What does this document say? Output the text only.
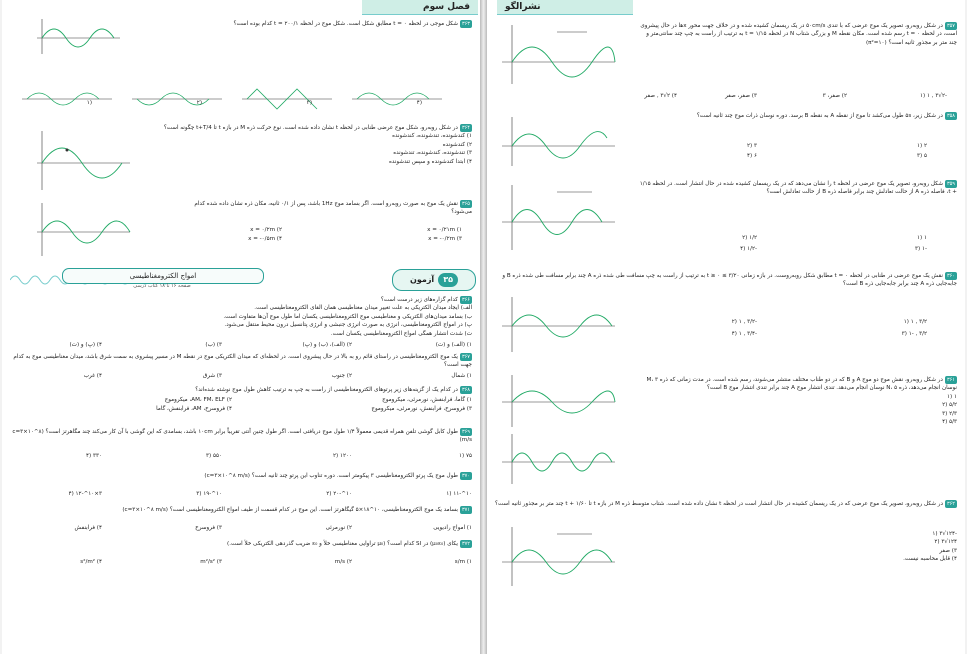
فصل سوم
۳۶۳شکل موجی در لحظه ۰ = t مطابق شکل است. شکل موج در لحظه ۲۰۰/۱ = t کدام بوده است؟
(۱	(۲	(۳	(۴
۳۶۴در شکل روبه‌رو، شکل موج عرضی طنابی در لحظه t نشان داده شده است. نوع حرکت ذره M در بازه t تا t+T/4 چگونه است؟
۱) کندشونده، تندشونده، کندشونده
۲) کندشونده
۳) تندشونده، کندشونده، تندشونده
۴) ابتدا کندشونده و سپس تندشونده
۳۶۵نقش یک موج به صورت روبه‌رو است. اگر بسامد موج 1Hz باشد، پس از ۰/۱ ثانیه، مکان ذره نشان داده شده کدام می‌شود؟
x = ۰/۲۱m (۱
x = ۰/۲m (۲
x = -۰/۲m (۳
x = -۰/۵m (۴
امواج الکترومغناطیسی
صفحه ۱۶ تا ۱۸ کتاب درسی
۳۵آزمون
۳۶۶کدام گزاره‌های زیر درست است؟
الف) ایجاد میدان الکتریکی به علت تغییر میدان مغناطیسی همان القای الکترومغناطیسی است.
ب) بسامد میدان‌های الکتریکی و مغناطیسی موج الکترومغناطیسی یکسان اما طول موج آن‌ها متفاوت است.
پ) در امواج الکترومغناطیسی، انرژی به صورت انرژی جنبشی و انرژی پتانسیل درون محیط منتقل می‌شود.
ت) شدت انتشار همگی امواج الکترومغناطیسی یکسان است.
۱) (الف) و (ت)
۲) (الف)، (ب) و (پ)
۳) (ب)
۴) (پ) و (ت)
۳۶۷یک موج الکترومغناطیسی در راستای قائم رو به بالا در حال پیشروی است. در لحظه‌ای که میدان الکتریکی موج در نقطه M در مسیر پیشروی به سمت شرق باشد، میدان مغناطیسی موج به کدام جهت است؟
۱) شمال
۲) جنوب
۳) شرق
۴) غرب
۳۶۸در کدام یک از گزینه‌های زیر پرتوهای الکترومغناطیسی از راست به چپ به ترتیب کاهش طول موج نوشته شده‌اند؟
۱) گاما، فرابنفش، نورمرئی، میکروموج
۲) AM، FM، ELF، میکروموج
۳) فروسرخ، فرابنفش، نورمرئی، میکروموج
۴) فروسرخ، AM، فرابنفش، گاما
۳۶۹طول کابل گوشی تلفن همراه قدیمی معمولاً ۱/۴ طول موج دریافتی است. اگر طول چنین آنتی تقریباً برابر ۱۰cm باشد، بسامدی که این گوشی با آن کار می‌کند چند مگاهرتز است؟ (c=۳×۱۰^۸ m/s)
۷۵ (۱
۱۲۰۰ (۲
۵۵۰ (۳
۳۳۰ (۴
۳۷۰طول موج یک پرتو الکترومغناطیسی ۳ پیکومتر است. دوره تناوب این پرتو چند ثانیه است؟ (c=۳×۱۰^۸ m/s)
۱۰^-۱۱ (۱
۱۰^-۲۰ (۲
۱۰^-۱۹ (۳
۳×۱۰^-۱۲ (۴
۳۷۱بسامد یک موج الکترومغناطیسی، ۱۰^۱۸×۵ گیگاهرتز است. این موج در کدام قسمت از طیف امواج الکترومغناطیسی است؟ (c=۳×۱۰^۸ m/s)
۱) امواج رادیویی
۲) نورمرئی
۳) فروسرخ
۴) فرابنفش
۳۷۲یکای (μ₀ε₀) در SI کدام است؟ (μ₀ تراوایی مغناطیسی خلأ و ε₀ ضریب گذردهی الکتریکی خلأ است.)
s/m (۱
m/s (۲
m²/s² (۳
s²/m² (۴
نشرالگو
۳۵۷در شکل روبه‌رو، تصویر یک موج عرضی که با تندی ۵۰cm/s در یک ریسمان کشیده شده و در خلاف جهت محور x‌ها در حال پیشروی است، در لحظه ۰ = t رسم شده است. مکان نقطه M و بزرگی شتاب N در لحظه ۱/۱۵ = t به ترتیب از راست به چپ چند سانتی‌متر و چند متر بر مجذور ثانیه است؟ (π²=۱۰)
-۲√۳ , ۱ (۱
۲) صفر، ۳
۳) صفر، صفر
۴) ۲√۳ , صفر
۳۵۸در شکل زیر، ۵s طول می‌کشد تا موج از نقطه A به نقطه B برسد. دوره نوسان ذرات موج چند ثانیه است؟
۲ (۱
۳ (۲
۵ (۳
۶ (۴
۳۵۹شکل روبه‌رو، تصویر یک موج عرضی در لحظه t را نشان می‌دهد که در یک ریسمان کشیده شده در حال انتشار است. در لحظه ۱/۱۵ + t، فاصله ذره A از حالت تعادلش چند برابر فاصله ذره B از حالت تعادلش است؟
۱ (۱
۱/۲ (۲
-۱ (۳
-۱/۲ (۴
۳۶۰نقش یک موج عرضی در طنابی در لحظه ۰ = t مطابق شکل روبه‌روست. در بازه زمانی ۳/۲۰ ≥ t ≥ ۰ به ترتیب از راست به چپ مسافت طی شده ذره A چند برابر مسافت طی شده ذره B و جابه‌جایی ذره A چند برابر جابه‌جایی ذره B است؟
۳/۲ , ۱ (۱
-۳/۲ , ۱ (۲
۳/۲ , -۱ (۳
-۳/۴ , ۱ (۴
۳۶۱در شکل روبه‌رو، نقش موج دو موج A و B که در دو طناب مختلف منتشر می‌شوند، رسم شده است. در مدت زمانی که ذره M، ۳ نوسان انجام می‌دهد، ذره N، ۵ نوسان انجام می‌دهد. تندی انتشار موج A چند برابر تندی انتشار موج B است؟
۱ (۱
۵/۲ (۲
۲/۳ (۳
۵/۳ (۴
۳۶۲در شکل روبه‌رو، تصویر یک موج عرضی که در یک ریسمان کشیده در حال انتشار است در لحظه t نشان داده شده است. شتاب متوسط ذره M در بازه t تا ۱/۶۰ + t چند متر بر مجذور ثانیه است؟
-۱۲۴√۳ (۱
۱۲۴√۳ (۲
۳) صفر
۴) قابل محاسبه نیست.
